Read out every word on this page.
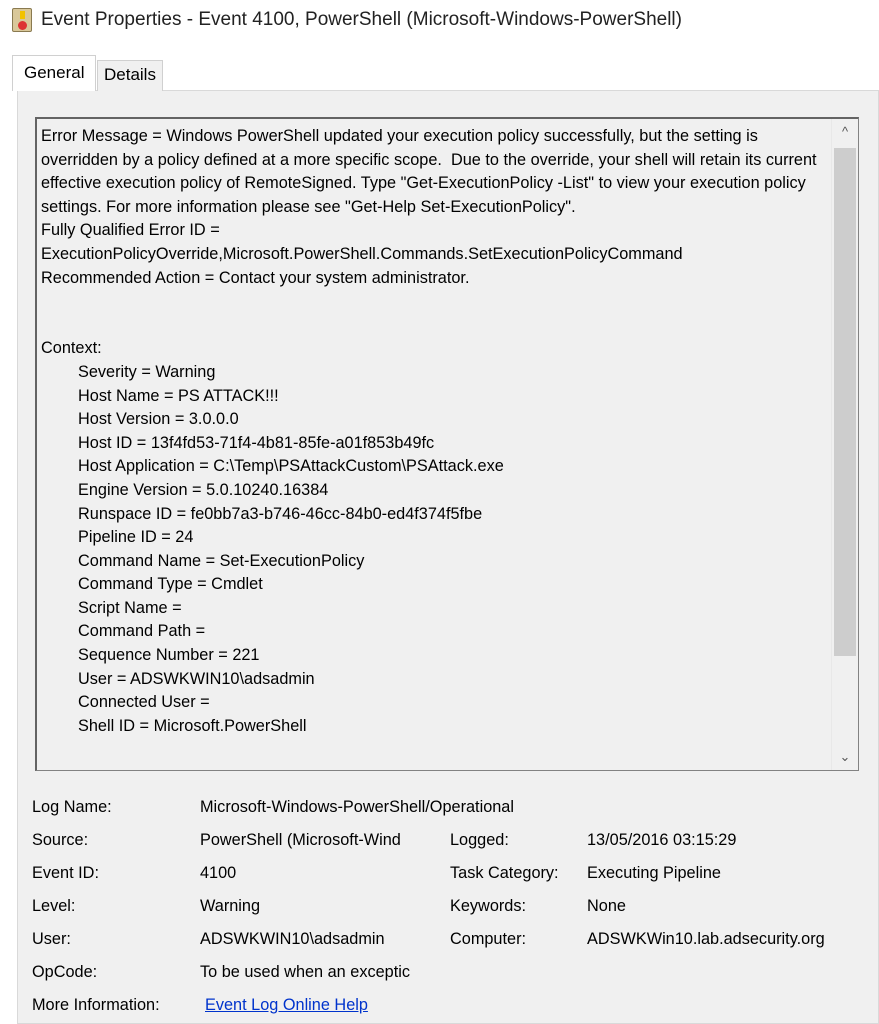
Event Properties - Event 4100, PowerShell (Microsoft-Windows-PowerShell)
General	Details
Error Message = Windows PowerShell updated your execution policy successfully, but the setting is overridden by a policy defined at a more specific scope.  Due to the override, your shell will retain its current effective execution policy of RemoteSigned. Type "Get-ExecutionPolicy -List" to view your execution policy settings. For more information please see "Get-Help Set-ExecutionPolicy".
Fully Qualified Error ID = ExecutionPolicyOverride,Microsoft.PowerShell.Commands.SetExecutionPolicyCommand
Recommended Action = Contact your system administrator.

Context:
Severity = Warning
Host Name = PS ATTACK!!!
Host Version = 3.0.0.0
Host ID = 13f4fd53-71f4-4b81-85fe-a01f853b49fc
Host Application = C:\Temp\PSAttackCustom\PSAttack.exe
Engine Version = 5.0.10240.16384
Runspace ID = fe0bb7a3-b746-46cc-84b0-ed4f374f5fbe
Pipeline ID = 24
Command Name = Set-ExecutionPolicy
Command Type = Cmdlet
Script Name =
Command Path =
Sequence Number = 221
User = ADSWKWIN10\adsadmin
Connected User =
Shell ID = Microsoft.PowerShell
^
⌄
Log Name:	Microsoft-Windows-PowerShell/Operational
Source:	PowerShell (Microsoft-Wind	Logged:	13/05/2016 03:15:29
Event ID:	4100	Task Category: Executing Pipeline
Level:	Warning	Keywords:	None
User:	ADSWKWIN10\adsadmin	Computer:	ADSWKWin10.lab.adsecurity.org
OpCode:	To be used when an exceptic
More Information:	Event Log Online Help
